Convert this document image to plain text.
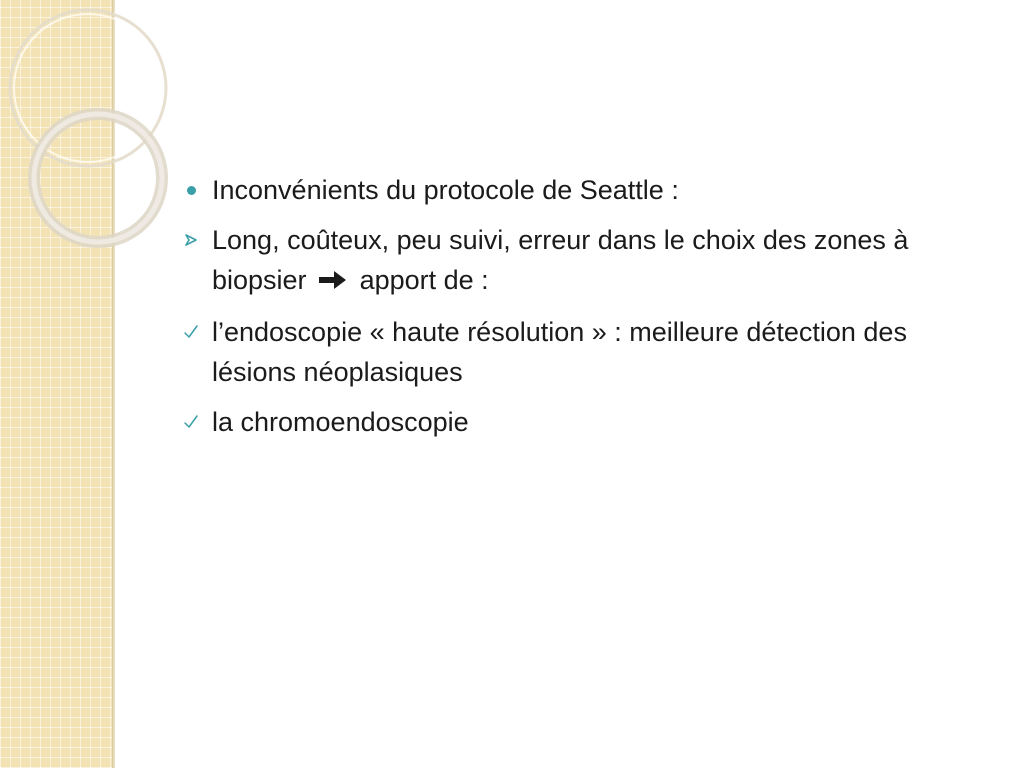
Inconvénients du protocole de Seattle :
Long, coûteux, peu suivi, erreur dans le choix des zones à biopsier apport de :
l’endoscopie « haute résolution » : meilleure détection des lésions néoplasiques
la chromoendoscopie
